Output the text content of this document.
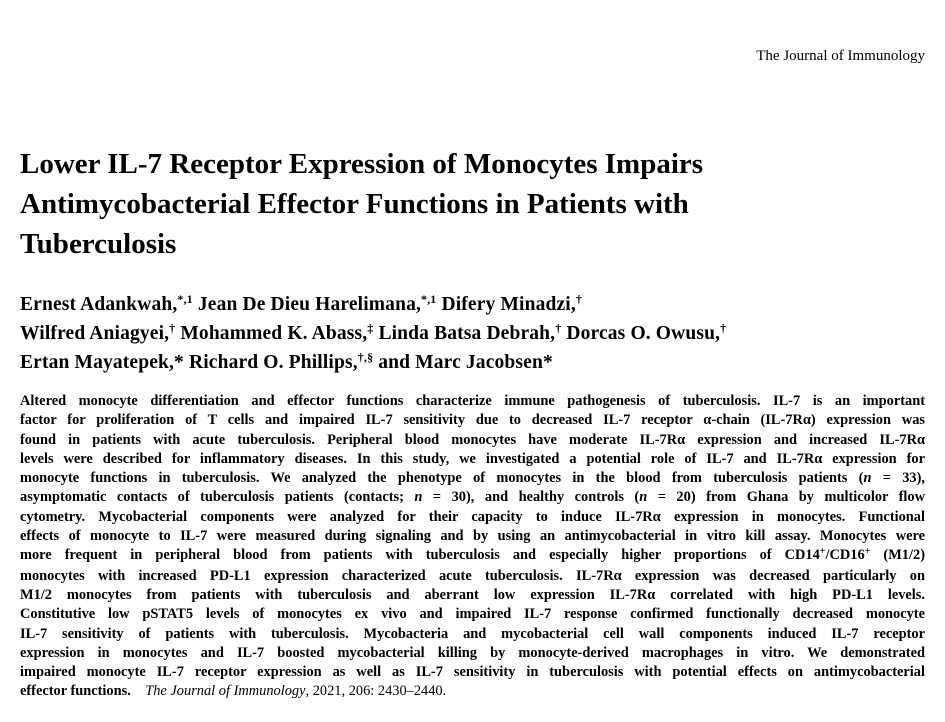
The Journal of Immunology
Lower IL-7 Receptor Expression of Monocytes Impairs
Antimycobacterial Effector Functions in Patients with
Tuberculosis
Ernest Adankwah,$^{*,1}$ Jean De Dieu Harelimana,$^{*,1}$ Difery Minadzi,†
Wilfred Aniagyei,† Mohammed K. Abass,‡ Linda Batsa Debrah,† Dorcas O. Owusu,†
Ertan Mayatepek,* Richard O. Phillips,†,§ and Marc Jacobsen*
Altered monocyte differentiation and effector functions characterize immune pathogenesis of tuberculosis. IL-7 is an important
factor for proliferation of T cells and impaired IL-7 sensitivity due to decreased IL-7 receptor α-chain (IL-7Rα) expression was
found in patients with acute tuberculosis. Peripheral blood monocytes have moderate IL-7Rα expression and increased IL-7Rα
levels were described for inflammatory diseases. In this study, we investigated a potential role of IL-7 and IL-7Rα expression for
monocyte functions in tuberculosis. We analyzed the phenotype of monocytes in the blood from tuberculosis patients (n = 33),
asymptomatic contacts of tuberculosis patients (contacts; n = 30), and healthy controls (n = 20) from Ghana by multicolor flow
cytometry. Mycobacterial components were analyzed for their capacity to induce IL-7Rα expression in monocytes. Functional
effects of monocyte to IL-7 were measured during signaling and by using an antimycobacterial in vitro kill assay. Monocytes were
more frequent in peripheral blood from patients with tuberculosis and especially higher proportions of CD14+/CD16+ (M1/2)
monocytes with increased PD-L1 expression characterized acute tuberculosis. IL-7Rα expression was decreased particularly on
M1/2 monocytes from patients with tuberculosis and aberrant low expression IL-7Rα correlated with high PD-L1 levels.
Constitutive low pSTAT5 levels of monocytes ex vivo and impaired IL-7 response confirmed functionally decreased monocyte
IL-7 sensitivity of patients with tuberculosis. Mycobacteria and mycobacterial cell wall components induced IL-7 receptor
expression in monocytes and IL-7 boosted mycobacterial killing by monocyte-derived macrophages in vitro. We demonstrated
impaired monocyte IL-7 receptor expression as well as IL-7 sensitivity in tuberculosis with potential effects on antimycobacterial
effector functions. The Journal of Immunology, 2021, 206: 2430–2440.
